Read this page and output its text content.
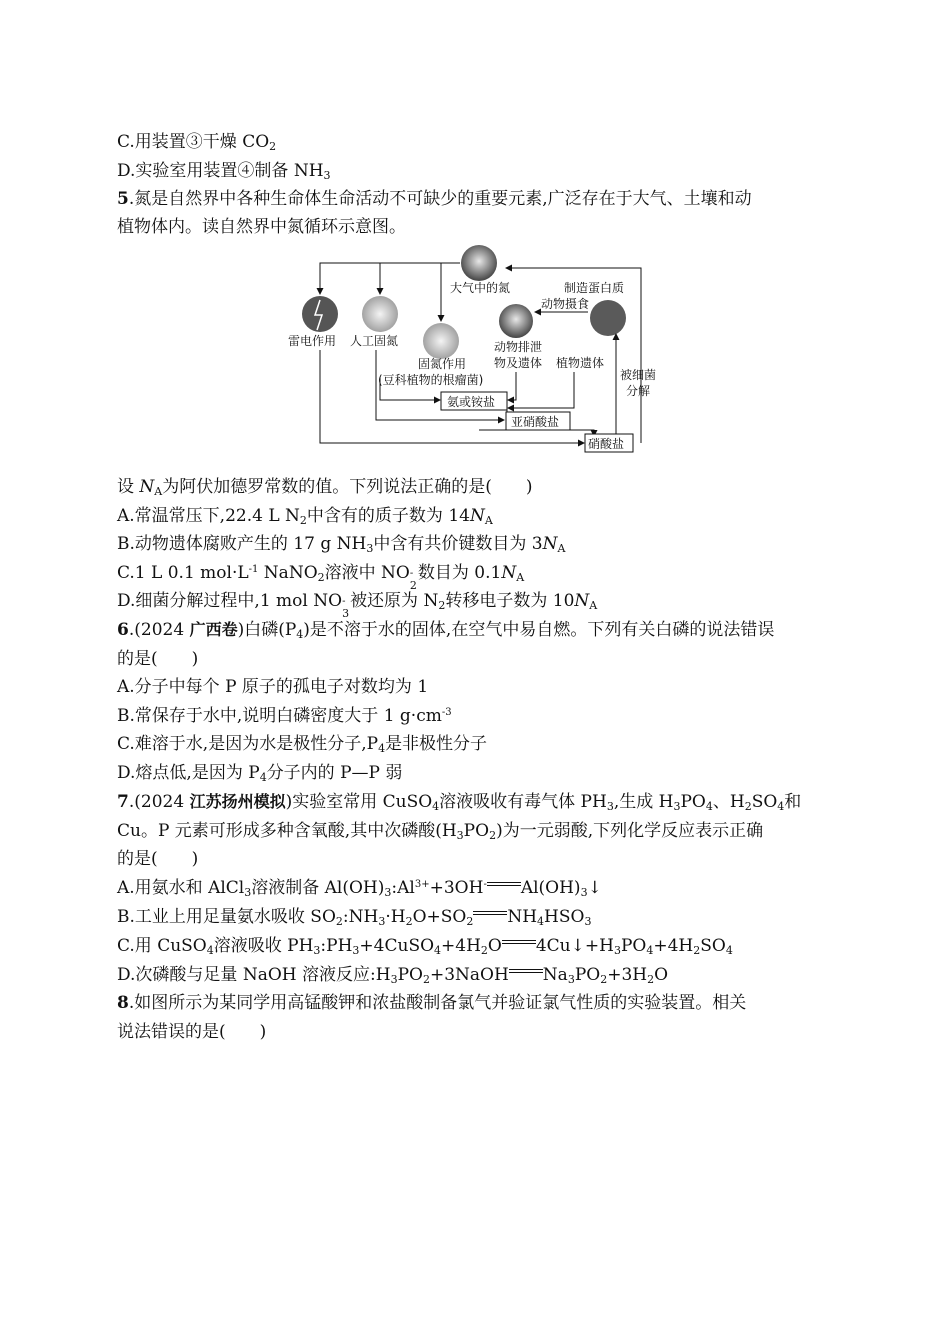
C.用装置③干燥 $CO_2$
D.实验室用装置④制备 $NH_3$
5.氮是自然界中各种生命体生命活动不可缺少的重要元素,广泛存在于大气、土壤和动
植物体内。读自然界中氮循环示意图。
大气中的氮	制造蛋白质
动物摄食
雷电作用 人工固氮
固氮作用
(豆科植物的根瘤菌)
动物排泄
物及遗体 植物遗体
被细菌
分解
氨或铵盐
亚硝酸盐
硝酸盐
设 $N_A$为阿伏加德罗常数的值。下列说法正确的是( )
A.常温常压下,22.4 L $N_2$中含有的质子数为 $14N_A$
B.动物遗体腐败产生的 17 g $NH_3$中含有共价键数目为 $3N_A$
C.1 L 0.1 $mol\cdot L^{-1}$ NaNO$_2$溶液中 NO -
2
数目为 $0.1N_A$
D.细菌分解过程中,1 mol NO -
3
被还原为 $N_2$转移电子数为 $10N_A$
6.(2024 广西卷)白磷$(P_4)$是不溶于水的固体,在空气中易自燃。下列有关白磷的说法错误
的是( )
A.分子中每个 P 原子的孤电子对数均为 1
B.常保存于水中,说明白磷密度大于 1 $g\cdot cm^{-3}$
C.难溶于水,是因为水是极性分子$,P_4$是非极性分子
D.熔点低,是因为 $P_4$分子内的 P—P 弱
7.(2024 江苏扬州模拟)实验室常用 CuSO$_4$溶液吸收有毒气体 $PH_3$,生成 $H_3PO_4$、$H_2SO_4$和
Cu。P 元素可形成多种含氧酸,其中次磷酸$(H_3PO_2)$为一元弱酸,下列化学反应表示正确
的是( )
A.用氨水和 AlCl$_3$溶液制备 $Al(OH)_3:Al^{3+}+3OH^-$ $Al(OH)_3↓$
B.工业上用足量氨水吸收 $SO_2:NH_3\cdot H_2O+SO_2$ $NH_4HSO_3$
C.用 CuSO$_4$溶液吸收 $PH_3:PH_3+4CuSO_4+4H_2O$ $4Cu↓+H_3PO_4+4H_2SO_4$
D.次磷酸与足量 NaOH 溶液反应$:H_3PO_2+3NaOH$ $Na_3PO_2+3H_2O$
8.如图所示为某同学用高锰酸钾和浓盐酸制备氯气并验证氯气性质的实验装置。相关
说法错误的是( )
